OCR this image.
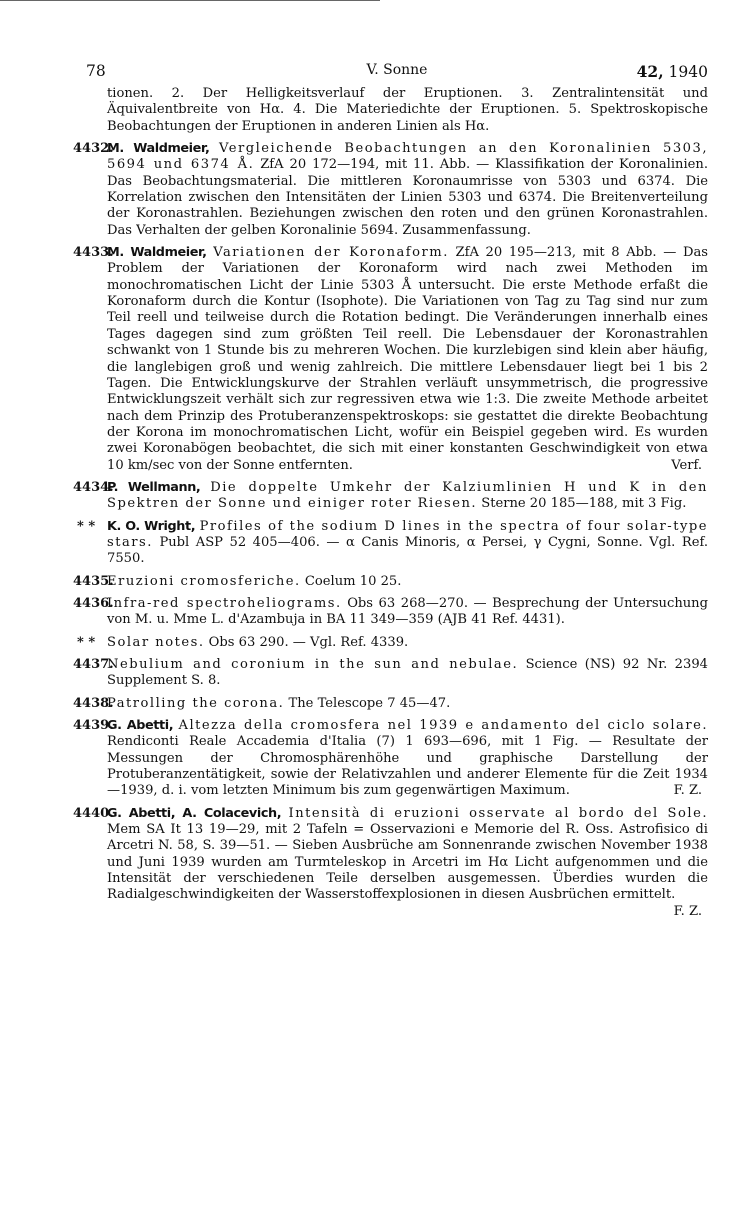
78	V. Sonne	42, 1940
tionen. 2. Der Helligkeitsverlauf der Eruptionen. 3. Zentralintensität und Äquivalentbreite von Hα. 4. Die Materiedichte der Eruptionen. 5. Spektroskopische Beobachtungen der Eruptionen in anderen Linien als Hα.
4432.
M. Waldmeier, Vergleichende Beobachtungen an den Koronalinien 5303, 5694 und 6374 Å. ZfA 20 172—194, mit 11. Abb. — Klassifikation der Koronalinien. Das Beobachtungsmaterial. Die mittleren Koronaumrisse von 5303 und 6374. Die Korrelation zwischen den Intensitäten der Linien 5303 und 6374. Die Breitenverteilung der Koronastrahlen. Beziehungen zwischen den roten und den grünen Koronastrahlen. Das Verhalten der gelben Koronalinie 5694. Zusammenfassung.
4433.
M. Waldmeier, Variationen der Koronaform. ZfA 20 195—213, mit 8 Abb. — Das Problem der Variationen der Koronaform wird nach zwei Methoden im monochromatischen Licht der Linie 5303 Å untersucht. Die erste Methode erfaßt die Koronaform durch die Kontur (Isophote). Die Variationen von Tag zu Tag sind nur zum Teil reell und teilweise durch die Rotation bedingt. Die Veränderungen innerhalb eines Tages dagegen sind zum größten Teil reell. Die Lebensdauer der Koronastrahlen schwankt von 1 Stunde bis zu mehreren Wochen. Die kurzlebigen sind klein aber häufig, die langlebigen groß und wenig zahlreich. Die mittlere Lebensdauer liegt bei 1 bis 2 Tagen. Die Entwicklungskurve der Strahlen verläuft unsymmetrisch, die progressive Entwicklungszeit verhält sich zur regressiven etwa wie 1:3. Die zweite Methode arbeitet nach dem Prinzip des Protuberanzenspektroskops: sie gestattet die direkte Beobachtung der Korona im monochromatischen Licht, wofür ein Beispiel gegeben wird. Es wurden zwei Koronabögen beobachtet, die sich mit einer konstanten Geschwindigkeit von etwa 10 km/sec von der Sonne entfernten.	Verf.
4434.
P. Wellmann, Die doppelte Umkehr der Kalziumlinien H und K in den Spektren der Sonne und einiger roter Riesen. Sterne 20 185—188, mit 3 Fig.
* * K. O. Wright, Profiles of the sodium D lines in the spectra of four solar-type stars. Publ ASP 52 405—406. — α Canis Minoris, α Persei, γ Cygni, Sonne. Vgl. Ref. 7550.
4435.
Eruzioni cromosferiche. Coelum 10 25.
4436.
Infra-red spectroheliograms. Obs 63 268—270. — Besprechung der Untersuchung von M. u. Mme L. d'Azambuja in BA 11 349—359 (AJB 41 Ref. 4431).
* * Solar notes. Obs 63 290. — Vgl. Ref. 4339.
4437.
Nebulium and coronium in the sun and nebulae. Science (NS) 92 Nr. 2394 Supplement S. 8.
4438.
Patrolling the corona. The Telescope 7 45—47.
4439.
G. Abetti, Altezza della cromosfera nel 1939 e andamento del ciclo solare. Rendiconti Reale Accademia d'Italia (7) 1 693—696, mit 1 Fig. — Resultate der Messungen der Chromosphärenhöhe und graphische Darstellung der Protuberanzentätigkeit, sowie der Relativzahlen und anderer Elemente für die Zeit 1934—1939, d. i. vom letzten Minimum bis zum gegenwärtigen Maximum.	F. Z.
4440.
G. Abetti, A. Colacevich, Intensità di eruzioni osservate al bordo del Sole. Mem SA It 13 19—29, mit 2 Tafeln = Osservazioni e Memorie del R. Oss. Astrofisico di Arcetri N. 58, S. 39—51. — Sieben Ausbrüche am Sonnenrande zwischen November 1938 und Juni 1939 wurden am Turmteleskop in Arcetri im Hα Licht aufgenommen und die Intensität der verschiedenen Teile derselben ausgemessen. Überdies wurden die Radialgeschwindigkeiten der Wasserstoffexplosionen in diesen Ausbrüchen ermittelt.
F. Z.
